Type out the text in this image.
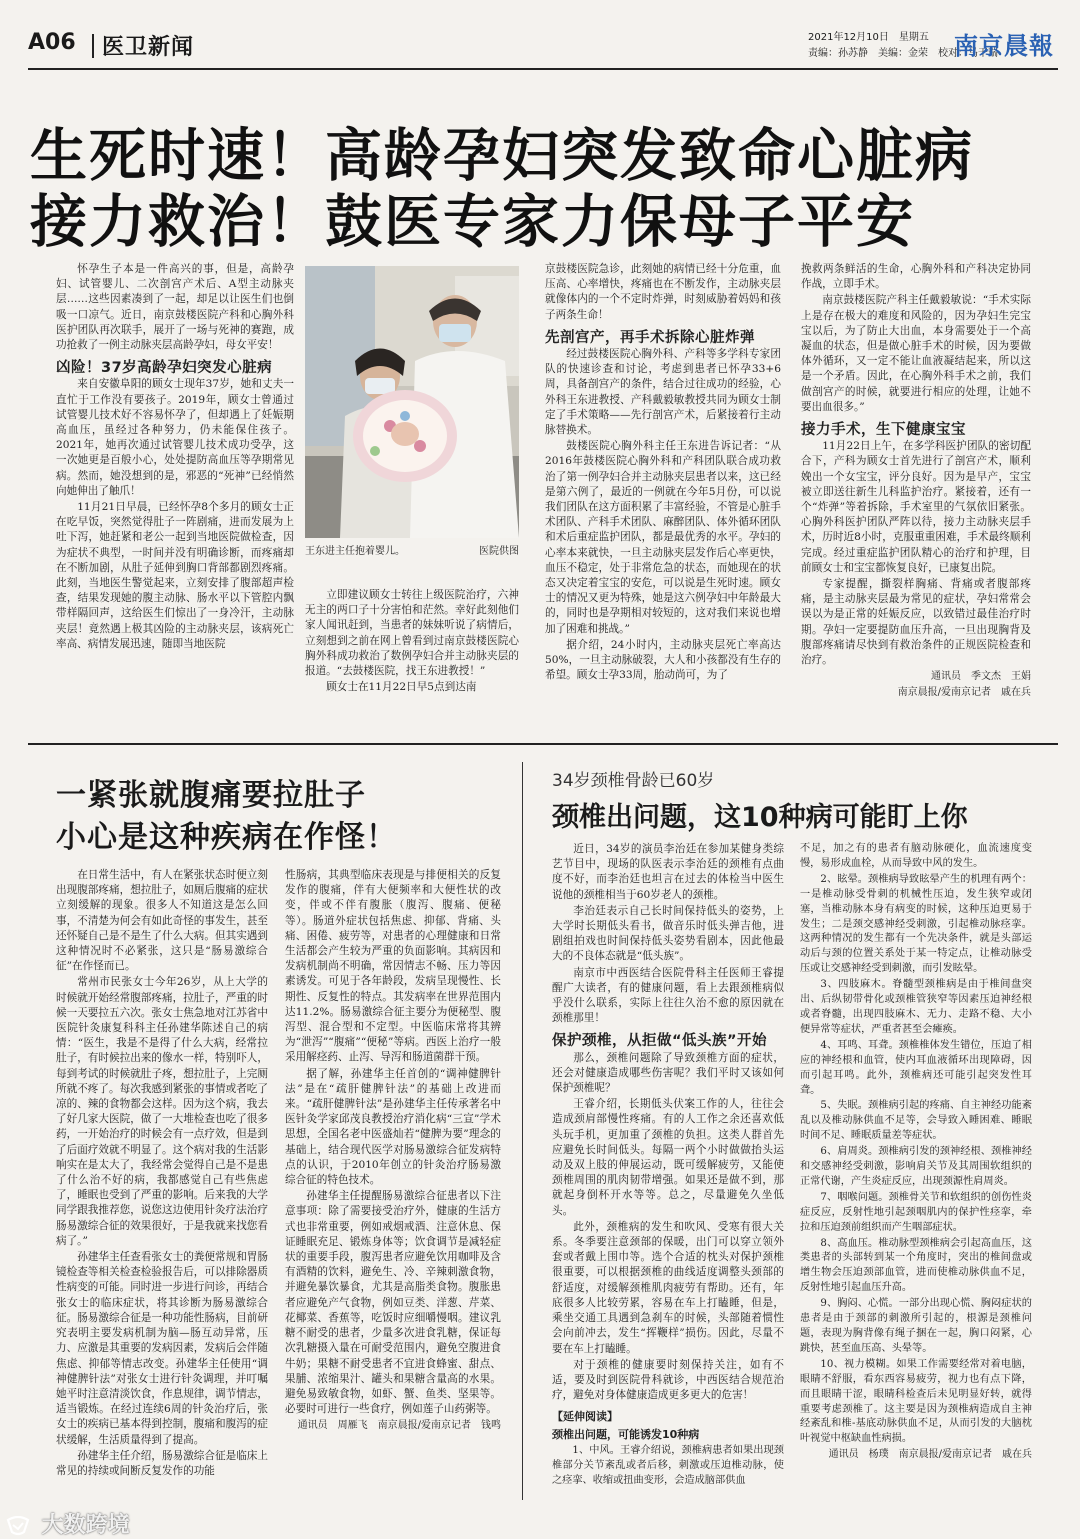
A06 医卫新闻	2021年12月10日　星期五
责编：孙苏静　美编：金荣　校对：马干瑞
南京晨報
生死时速！高龄孕妇突发致命心脏病
接力救治！鼓医专家力保母子平安

怀孕生子本是一件高兴的事，但是，高龄孕妇、试管婴儿、二次剖宫产术后、A型主动脉夹层……这些因素凑到了一起，却足以让医生们也倒吸一口凉气。近日，南京鼓楼医院产科和心胸外科医护团队再次联手，展开了一场与死神的赛跑，成功抢救了一例主动脉夹层高龄孕妇，母女平安！

凶险！37岁高龄孕妇突发心脏病

来自安徽阜阳的顾女士现年37岁，她和丈夫一直忙于工作没有要孩子。2019年，顾女士曾通过试管婴儿技术好不容易怀孕了，但却遇上了妊娠期高血压，虽经过各种努力，仍未能保住孩子。2021年，她再次通过试管婴儿技术成功受孕，这一次她更是百般小心，处处提防高血压等孕期常见病。然而，她没想到的是，邪恶的“死神”已经悄然向她伸出了触爪！

11月21日早晨，已经怀孕8个多月的顾女士正在吃早饭，突然觉得肚子一阵剧痛，进而发展为上吐下泻，她赶紧和老公一起到当地医院做检查，因为症状不典型，一时间并没有明确诊断，而疼痛却在不断加剧，从肚子延伸到胸口背部都剧烈疼痛。此刻，当地医生警觉起来，立刻安排了腹部超声检查，结果发现她的腹主动脉、肠水平以下管腔内飘带样隔回声，这给医生们惊出了一身冷汗，主动脉夹层！竟然遇上极其凶险的主动脉夹层，该病死亡率高、病情发展迅速，随即当地医院

王东进主任抱着婴儿。	医院供图

立即建议顾女士转往上级医院治疗，六神无主的两口子十分害怕和茫然。幸好此刻他们家人闻讯赶到，当患者的妹妹听说了病情后，立刻想到之前在网上曾看到过南京鼓楼医院心胸外科成功救治了数例孕妇合并主动脉夹层的报道。“去鼓楼医院，找王东进教授！”

顾女士在11月22日早5点到达南

京鼓楼医院急诊，此刻她的病情已经十分危重，血压高、心率增快，疼痛也在不断发作，主动脉夹层就像体内的一个不定时炸弹，时刻威胁着妈妈和孩子两条生命！

先剖宫产，再手术拆除心脏炸弹

经过鼓楼医院心胸外科、产科等多学科专家团队的快速诊查和讨论，考虑到患者已怀孕33+6周，具备剖宫产的条件，结合过往成功的经验，心外科王东进教授、产科戴毅敏教授共同为顾女士制定了手术策略——先行剖宫产术，后紧接着行主动脉替换术。

鼓楼医院心胸外科主任王东进告诉记者：“从2016年鼓楼医院心胸外科和产科团队联合成功救治了第一例孕妇合并主动脉夹层患者以来，这已经是第六例了，最近的一例就在今年5月份，可以说我们团队在这方面积累了丰富经验，不管是心脏手术团队、产科手术团队、麻醉团队、体外循环团队和术后重症监护团队，都是最优秀的水平。孕妇的心率本来就快，一旦主动脉夹层发作后心率更快，血压不稳定，处于非常危急的状态，而她现在的状态又决定着宝宝的安危，可以说是生死时速。顾女士的情况又更为特殊，她是这六例孕妇中年龄最大的，同时也是孕期相对较短的，这对我们来说也增加了困难和挑战。”

据介绍，24小时内，主动脉夹层死亡率高达50%，一旦主动脉破裂，大人和小孩都没有生存的希望。顾女士孕33周，胎动尚可，为了

挽救两条鲜活的生命，心胸外科和产科决定协同作战，立即手术。

南京鼓楼医院产科主任戴毅敏说：“手术实际上是存在极大的难度和风险的，因为孕妇生完宝宝以后，为了防止大出血，本身需要处于一个高凝血的状态，但是做心脏手术的时候，因为要做体外循环，又一定不能让血液凝结起来，所以这是一个矛盾。因此，在心胸外科手术之前，我们做剖宫产的时候，就要进行相应的处理，让她不要出血很多。”

接力手术，生下健康宝宝

11月22日上午，在多学科医护团队的密切配合下，产科为顾女士首先进行了剖宫产术，顺利娩出一个女宝宝，评分良好。因为是早产，宝宝被立即送往新生儿科监护治疗。紧接着，还有一个“炸弹”等着拆除，手术室里的气氛依旧紧张。心胸外科医护团队严阵以待，接力主动脉夹层手术，历时近8小时，克服重重困难，手术最终顺利完成。经过重症监护团队精心的治疗和护理，目前顾女士和宝宝都恢复良好，已康复出院。

专家提醒，撕裂样胸痛、背痛或者腹部疼痛，是主动脉夹层最为常见的症状，孕妇常常会误以为是正常的妊娠反应，以致错过最佳治疗时期。孕妇一定要提防血压升高，一旦出现胸背及腹部疼痛请尽快到有救治条件的正规医院检查和治疗。

通讯员　季文杰　王娟

南京晨报/爱南京记者　戚在兵

一紧张就腹痛要拉肚子
小心是这种疾病在作怪！

在日常生活中，有人在紧张状态时便立刻出现腹部疼痛，想拉肚子，如厕后腹痛的症状立刻缓解的现象。很多人不知道这是怎么回事，不清楚为何会有如此奇怪的事发生，甚至还怀疑自己是不是生了什么大病。但其实遇到这种情况时不必紧张，这只是“肠易激综合征”在作怪而已。

常州市民张女士今年26岁，从上大学的时候就开始经常腹部疼痛，拉肚子，严重的时候一天要拉五六次。张女士焦急地对江苏省中医院针灸康复科科主任孙建华陈述自己的病情：“医生，我是不是得了什么大病，经常拉肚子，有时候拉出来的像水一样，特别吓人，每到考试的时候就肚子疼，想拉肚子，上完厕所就不疼了。每次我感到紧张的事情或者吃了凉的、辣的食物都会这样。因为这个病，我去了好几家大医院，做了一大堆检查也吃了很多药，一开始治疗的时候会有一点疗效，但是到了后面疗效就不明显了。这个病对我的生活影响实在是太大了，我经常会觉得自己是不是患了什么治不好的病，我都感觉自己有些焦虑了，睡眠也受到了严重的影响。后来我的大学同学跟我推荐您，说您这边使用针灸疗法治疗肠易激综合征的效果很好，于是我就来找您看病了。”

孙建华主任查看张女士的粪便常规和胃肠镜检查等相关检查检验报告后，可以排除器质性病变的可能。同时进一步进行问诊，再结合张女士的临床症状，将其诊断为肠易激综合征。肠易激综合征是一种功能性肠病，目前研究表明主要发病机制为脑—肠互动异常，压力、应激是其重要的发病因素，发病后会伴随焦虑、抑郁等情志改变。孙建华主任使用“调神健脾针法”对张女士进行针灸调理，并叮嘱她平时注意清淡饮食，作息规律，调节情志，适当锻炼。在经过连续6周的针灸治疗后，张女士的疾病已基本得到控制，腹痛和腹泻的症状缓解，生活质量得到了提高。

孙建华主任介绍，肠易激综合征是临床上常见的持续或间断反复发作的功能

性肠病，其典型临床表现是与排便相关的反复发作的腹痛，伴有大便频率和大便性状的改变，伴或不伴有腹胀（腹泻、腹痛、便秘等）。肠道外症状包括焦虑、抑郁、背痛、头痛、困倦、疲劳等，对患者的心理健康和日常生活都会产生较为严重的负面影响。其病因和发病机制尚不明确，常因情志不畅、压力等因素诱发。可见于各年龄段，发病呈现慢性、长期性、反复性的特点。其发病率在世界范围内达11.2%。肠易激综合征主要分为便秘型、腹泻型、混合型和不定型。中医临床常将其辨为“泄泻”“腹痛”“便秘”等病。西医上治疗一般采用解痉药、止泻、导泻和肠道菌群干预。

据了解，孙建华主任首创的“调神健脾针法”是在“疏肝健脾针法”的基础上改进而来。“疏肝健脾针法”是孙建华主任传承著名中医针灸学家邱茂良教授治疗消化病“三宣”学术思想，全国名老中医盛灿若“健脾为要”理念的基础上，结合现代医学对肠易激综合征发病特点的认识，于2010年创立的针灸治疗肠易激综合征的特色技术。

孙建华主任提醒肠易激综合征患者以下注意事项：除了需要接受治疗外，健康的生活方式也非常重要，例如戒烟戒酒、注意休息、保证睡眠充足、锻炼身体等；饮食调节是减轻症状的重要手段，腹泻患者应避免饮用咖啡及含有酒精的饮料，避免生、冷、辛辣刺激食物，并避免暴饮暴食，尤其是高脂类食物。腹胀患者应避免产气食物，例如豆类、洋葱、芹菜、花椰菜、香蕉等，吃饭时应细嚼慢咽。建议乳糖不耐受的患者，少量多次进食乳糖，保证每次乳糖摄入量在可耐受范围内，避免空腹进食牛奶；果糖不耐受患者不宜进食蜂蜜、甜点、果脯、浓缩果汁、罐头和果糖含量高的水果。避免易致敏食物，如虾、蟹、鱼类、坚果等。必要时可进行一些食疗，例如莲子山药粥等。

通讯员　周雁飞　南京晨报/爱南京记者　钱鸣

34岁颈椎骨龄已60岁
颈椎出问题，这10种病可能盯上你

近日，34岁的演员李治廷在参加某健身类综艺节目中，现场的队医表示李治廷的颈椎有点曲度不好，而李治廷也坦言在过去的体检当中医生说他的颈椎相当于60岁老人的颈椎。

李治廷表示自己长时间保持低头的姿势，上大学时长期低头看书，做音乐时低头弹吉他，进剧组拍戏也时间保持低头姿势看剧本，因此他最大的不良体态就是“低头族”。

南京市中西医结合医院骨科主任医师王睿提醒广大读者，有的健康问题，看上去跟颈椎病似乎没什么联系，实际上往往久治不愈的原因就在颈椎那里！

保护颈椎，从拒做“低头族”开始

那么，颈椎问题除了导致颈椎方面的症状，还会对健康造成哪些伤害呢？我们平时又该如何保护颈椎呢？

王睿介绍，长期低头伏案工作的人，往往会造成颈肩部慢性疼痛。有的人工作之余还喜欢低头玩手机，更加重了颈椎的负担。这类人群首先应避免长时间低头。每隔一两个小时做做抬头运动及双上肢的伸展运动，既可缓解疲劳，又能使颈椎周围的肌肉韧带增强。如果还是做不到，那就起身倒杯开水等等。总之，尽量避免久坐低头。

此外，颈椎病的发生和吹风、受寒有很大关系。冬季要注意颈部的保暖，出门可以穿立领外套或者戴上围巾等。选个合适的枕头对保护颈椎很重要，可以根据颈椎的曲线适度调整头颈部的舒适度，对缓解颈椎肌肉疲劳有帮助。还有，年底很多人比较劳累，容易在车上打瞌睡，但是，乘坐交通工具遇到急刹车的时候，头部随着惯性会向前冲去，发生“挥鞭样”损伤。因此，尽量不要在车上打瞌睡。

对于颈椎的健康要时刻保持关注，如有不适，要及时到医院骨科就诊，中西医结合规范治疗，避免对身体健康造成更多更大的危害！

【延伸阅读】

颈椎出问题，可能诱发10种病

1、中风。王睿介绍说，颈椎病患者如果出现颈椎部分关节紊乱或者后移，刺激或压迫椎动脉，使之痉挛、收缩或扭曲变形，会造成脑部供血

不足，加之有的患者有脑动脉硬化，血流速度变慢，易形成血栓，从而导致中风的发生。

2、眩晕。颈椎病导致眩晕产生的机理有两个：一是椎动脉受骨刺的机械性压迫，发生狭窄或闭塞，当椎动脉本身有病变的时候，这种压迫更易于发生；二是颈交感神经受刺激，引起椎动脉痉挛。这两种情况的发生都有一个先决条件，就是头部运动后与颈的位置关系处于某一特定点，让椎动脉受压或让交感神经受到刺激，而引发眩晕。

3、四肢麻木。脊髓型颈椎病是由于椎间盘突出、后纵韧带骨化或颈椎管狭窄等因素压迫神经根或者脊髓，出现四肢麻木、无力、走路不稳、大小便异常等症状，严重者甚至会瘫痪。

4、耳鸣、耳聋。颈椎椎体发生错位，压迫了相应的神经根和血管，使内耳血液循环出现障碍，因而引起耳鸣。此外，颈椎病还可能引起突发性耳聋。

5、失眠。颈椎病引起的疼痛、自主神经功能紊乱以及椎动脉供血不足等，会导致入睡困难、睡眠时间不足、睡眠质量差等症状。

6、肩周炎。颈椎病引发的颈神经根、颈椎神经和交感神经受刺激，影响肩关节及其周围软组织的正常代谢，产生炎症反应，出现颈源性肩周炎。

7、咽喉问题。颈椎骨关节和软组织的创伤性炎症反应，反射性地引起颈咽肌内的保护性痉挛，牵拉和压迫颈前组织而产生咽部症状。

8、高血压。椎动脉型颈椎病会引起高血压，这类患者的头部转到某一个角度时，突出的椎间盘或增生物会压迫颈部血管，进而使椎动脉供血不足，反射性地引起血压升高。

9、胸闷、心慌。一部分出现心慌、胸闷症状的患者是由于颈部的刺激所引起的，根源是颈椎问题，表现为胸背像有绳子捆在一起，胸口闷紧，心跳快，甚至血压高、头晕等。

10、视力模糊。如果工作需要经常对着电脑，眼睛不舒服，看东西容易疲劳，视力也有点下降，而且眼睛干涩，眼睛科检查后未见明显好转，就得重要考虑颈椎了。这主要是因为颈椎病造成自主神经紊乱和椎-基底动脉供血不足，从而引发的大脑枕叶视觉中枢缺血性病损。

通讯员　杨璞　南京晨报/爱南京记者　戚在兵

大数跨境
